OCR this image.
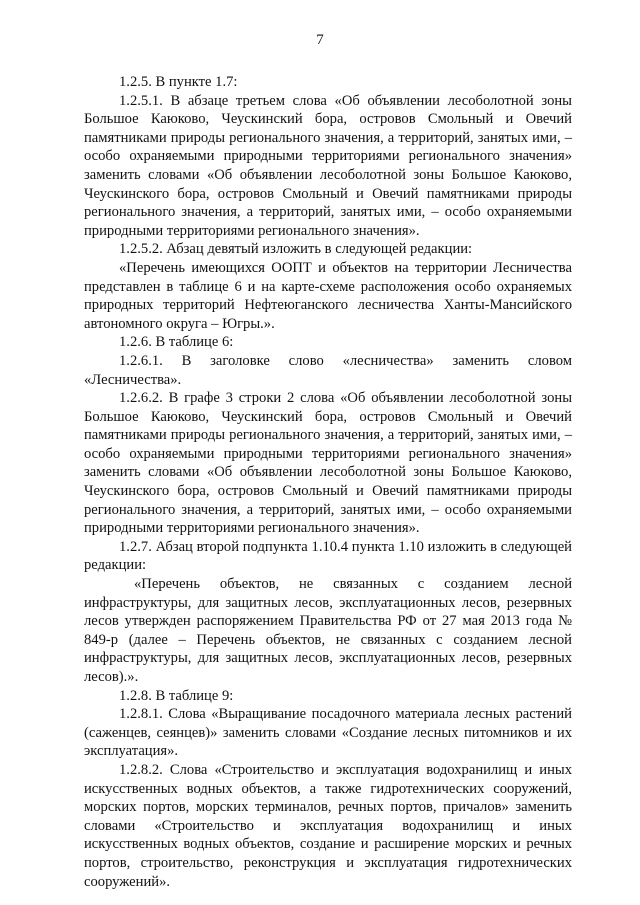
7

1.2.5. В пункте 1.7:

1.2.5.1. В абзаце третьем слова «Об объявлении лесоболотной зоны Большое Каюково, Чеускинский бора, островов Смольный и Овечий памятниками природы регионального значения, а территорий, занятых ими, – особо охраняемыми природными территориями регионального значения» заменить словами «Об объявлении лесоболотной зоны Большое Каюково, Чеускинского бора, островов Смольный и Овечий памятниками природы регионального значения, а территорий, занятых ими, – особо охраняемыми природными территориями регионального значения».

1.2.5.2. Абзац девятый изложить в следующей редакции:

«Перечень имеющихся ООПТ и объектов на территории Лесничества представлен в таблице 6 и на карте-схеме расположения особо охраняемых природных территорий Нефтеюганского лесничества Ханты-Мансийского автономного округа – Югры.».

1.2.6. В таблице 6:

1.2.6.1. В заголовке слово «лесничества» заменить словом «Лесничества».

1.2.6.2. В графе 3 строки 2 слова «Об объявлении лесоболотной зоны Большое Каюково, Чеускинский бора, островов Смольный и Овечий памятниками природы регионального значения, а территорий, занятых ими, – особо охраняемыми природными территориями регионального значения» заменить словами «Об объявлении лесоболотной зоны Большое Каюково, Чеускинского бора, островов Смольный и Овечий памятниками природы регионального значения, а территорий, занятых ими, – особо охраняемыми природными территориями регионального значения».

1.2.7. Абзац второй подпункта 1.10.4 пункта 1.10 изложить в следующей редакции:

«Перечень объектов, не связанных с созданием лесной инфраструктуры, для защитных лесов, эксплуатационных лесов, резервных лесов утвержден распоряжением Правительства РФ от 27 мая 2013 года № 849-р (далее – Перечень объектов, не связанных с созданием лесной инфраструктуры, для защитных лесов, эксплуатационных лесов, резервных лесов).».

1.2.8. В таблице 9:

1.2.8.1. Слова «Выращивание посадочного материала лесных растений (саженцев, сеянцев)» заменить словами «Создание лесных питомников и их эксплуатация».

1.2.8.2. Слова «Строительство и эксплуатация водохранилищ и иных искусственных водных объектов, а также гидротехнических сооружений, морских портов, морских терминалов, речных портов, причалов» заменить словами «Строительство и эксплуатация водохранилищ и иных искусственных водных объектов, создание и расширение морских и речных портов, строительство, реконструкция и эксплуатация гидротехнических сооружений».
